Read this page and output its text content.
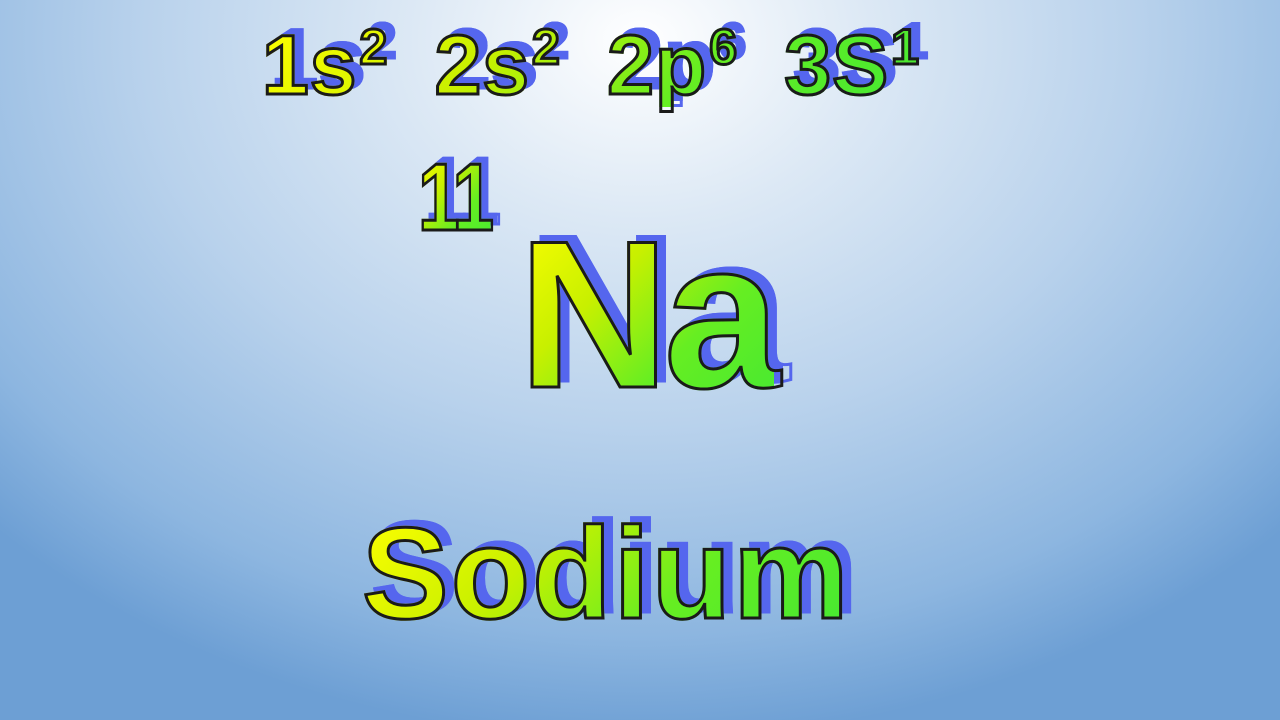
$1s^2$ $2s^2$ $2p^6$ $3S^1$
11 Na
Sodium
